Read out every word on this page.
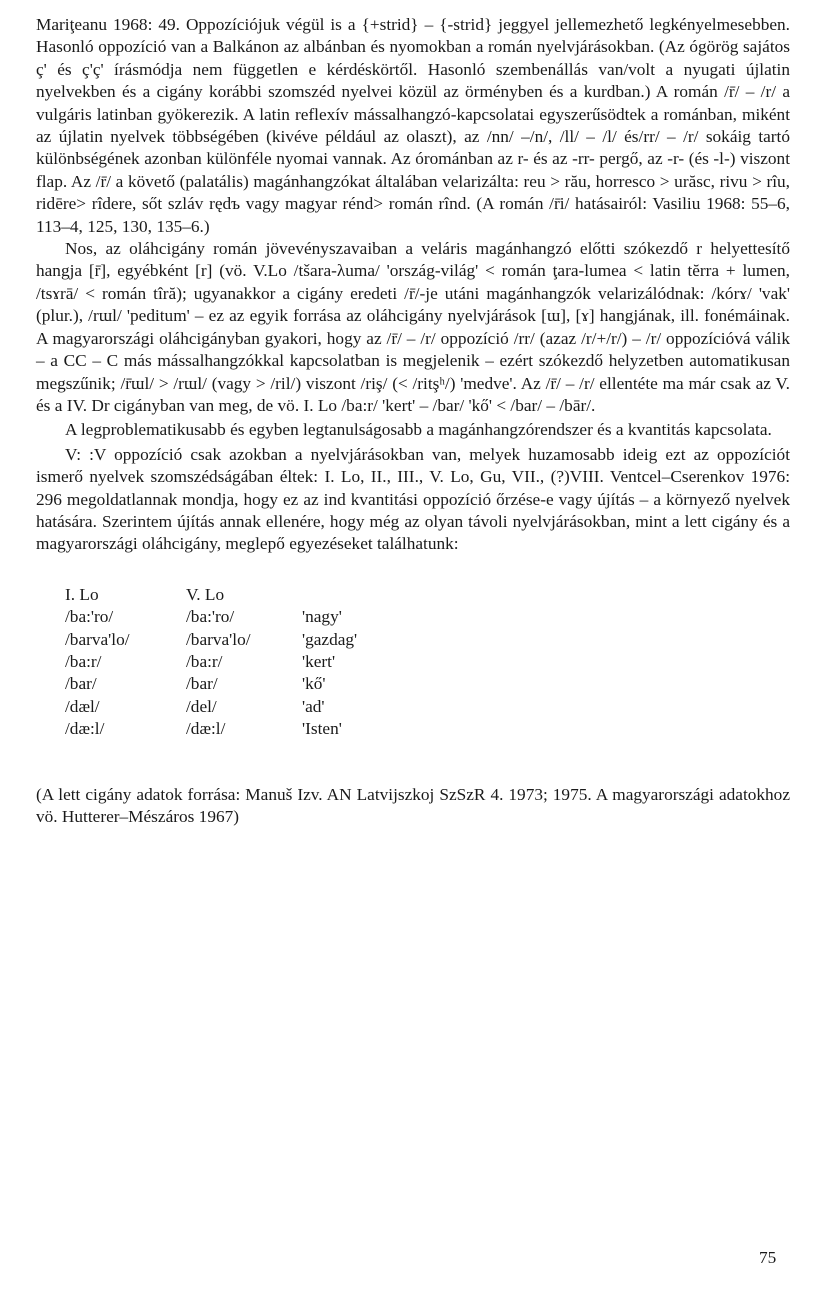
Mariţeanu 1968: 49. Oppozíciójuk végül is a {+strid} – {-strid} jeggyel jellemezhető legkényelmesebben. Hasonló oppozíció van a Balkánon az albánban és nyomokban a román nyelvjárásokban. (Az ógörög sajátos ç' és ç'ç' írásmódja nem független e kérdéskörtől. Hasonló szembenállás van/volt a nyugati újlatin nyelvekben és a cigány korábbi szomszéd nyelvei közül az örményben és a kurdban.) A román /r̄/ – /r/ a vulgáris latinban gyökerezik. A latin reflexív mássalhangzó-kapcsolatai egyszerűsödtek a románban, miként az újlatin nyelvek többségében (kivéve például az olaszt), az /nn/ –/n/, /ll/ – /l/ és/rr/ – /r/ sokáig tartó különbségének azonban különféle nyomai vannak. Az órománban az r- és az -rr- pergő, az -r- (és -l-) viszont flap. Az /r̄/ a követő (palatális) magánhangzókat általában velarizálta: reu > rău, horresco > urăsc, rivu > rîu, ridēre> rîdere, sőt szláv rędъ vagy magyar rénd> román rînd. (A román /r̄i/ hatásairól: Vasiliu 1968: 55–6, 113–4, 125, 130, 135–6.)

Nos, az oláhcigány román jövevényszavaiban a veláris magánhangzó előtti szókezdő r helyettesítő hangja [r̄], egyébként [r] (vö. V.Lo /tšara-λuma/ 'ország-világ' < román ţara-lumea < latin tĕrra + lumen, /tsɤrā/ < román tîră); ugyanakkor a cigány eredeti /r̄/-je utáni magánhangzók velarizálódnak: /kórɤ/ 'vak' (plur.), /rɯl/ 'peditum' – ez az egyik forrása az oláhcigány nyelvjárások [ɯ], [ɤ] hangjának, ill. fonémáinak. A magyarországi oláhcigányban gyakori, hogy az /r̄/ – /r/ oppozíció /rr/ (azaz /r/+/r/) – /r/ oppozícióvá válik – a CC – C más mássalhangzókkal kapcsolatban is megjelenik – ezért szókezdő helyzetben automatikusan megszűnik; /r̄ɯl/ > /rɯl/ (vagy > /ril/) viszont /riş/ (< /ritşʰ/) 'medve'. Az /r̄/ – /r/ ellentéte ma már csak az V. és a IV. Dr cigányban van meg, de vö. I. Lo /ba:r/ 'kert' – /bar/ 'kő' < /bar/ – /bār/.

A legproblematikusabb és egyben legtanulságosabb a magánhangzórendszer és a kvantitás kapcsolata.

V: :V oppozíció csak azokban a nyelvjárásokban van, melyek huzamosabb ideig ezt az oppozíciót ismerő nyelvek szomszédságában éltek: I. Lo, II., III., V. Lo, Gu, VII., (?)VIII. Ventcel–Cserenkov 1976: 296 megoldatlannak mondja, hogy ez az ind kvantitási oppozíció őrzése-e vagy újítás – a környező nyelvek hatására. Szerintem újítás annak ellenére, hogy még az olyan távoli nyelvjárásokban, mint a lett cigány és a magyarországi oláhcigány, meglepő egyezéseket találhatunk:

I. Lo	V. Lo	
/ba:'ro/	/ba:'ro/	'nagy'
/barva'lo/	/barva'lo/	'gazdag'
/ba:r/	/ba:r/	'kert'
/bar/	/bar/	'kő'
/dæl/	/del/	'ad'
/dæ:l/	/dæ:l/	'Isten'

(A lett cigány adatok forrása: Manuš Izv. AN Latvijszkoj SzSzR 4. 1973; 1975. A magyarországi adatokhoz vö. Hutterer–Mészáros 1967)

75
